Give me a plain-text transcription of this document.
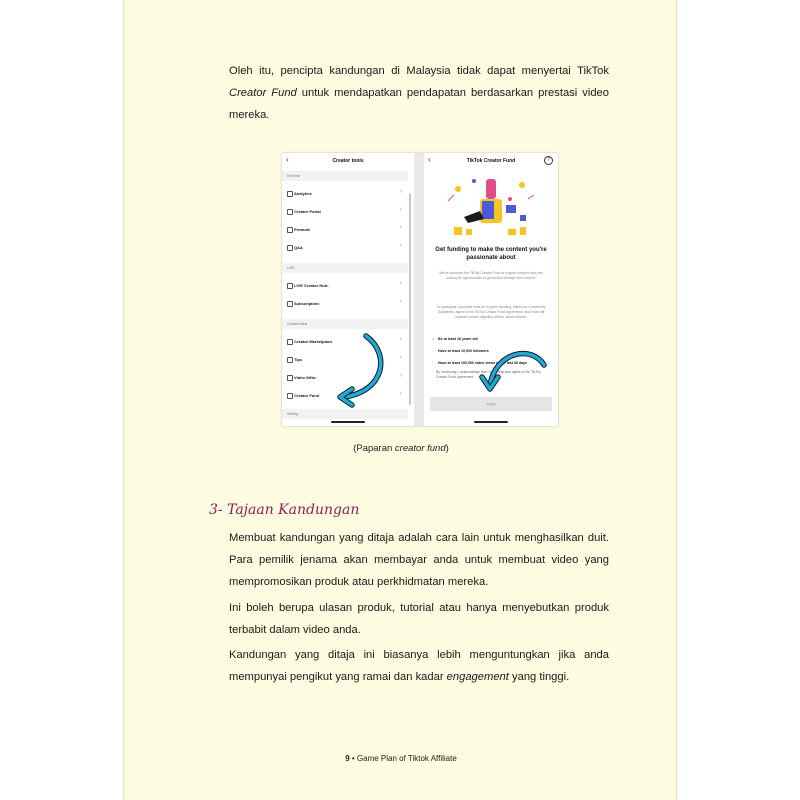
Oleh itu, pencipta kandungan di Malaysia tidak dapat menyertai TikTok Creator Fund untuk mendapatkan pendapatan berdasarkan prestasi video mereka.

‹	Creator tools
General
Analytics	›
Creator Portal	›
Promote	›
Q&A	›
LIVE
LIVE Creator Hub•	›
Subscription•	›
Creator Next
Creator Marketplace	›
Tips	›
Video Gifts•	›
Creator Fund	›
Setting
‹	TikTok Creator Fund	?
Get funding to make the content you're passionate about
We've launched the TikTok Creator Fund to support creators who are looking for opportunities to get funded through their content.
To participate, accounts must be in good standing, follow our Community Guidelines, agree to the TikTok Creator Fund Agreement, and must still maintain certain eligibility criteria, which include:
✓ Be at least 18 years old
· Have at least 10,000 followers
· Have at least 100,000 video views in the last 30 days
By continuing, I acknowledge that I have read and agree to the TikTok Creator Fund Agreement.
Apply
(Paparan creator fund)
3- Tajaan Kandungan

Membuat kandungan yang ditaja adalah cara lain untuk menghasilkan duit. Para pemilik jenama akan membayar anda untuk membuat video yang mempromosikan produk atau perkhidmatan mereka.

Ini boleh berupa ulasan produk, tutorial atau hanya menyebutkan produk terbabit dalam video anda.

Kandungan yang ditaja ini biasanya lebih menguntungkan jika anda mempunyai pengikut yang ramai dan kadar engagement yang tinggi.

9 • Game Plan of Tiktok Affiliate
